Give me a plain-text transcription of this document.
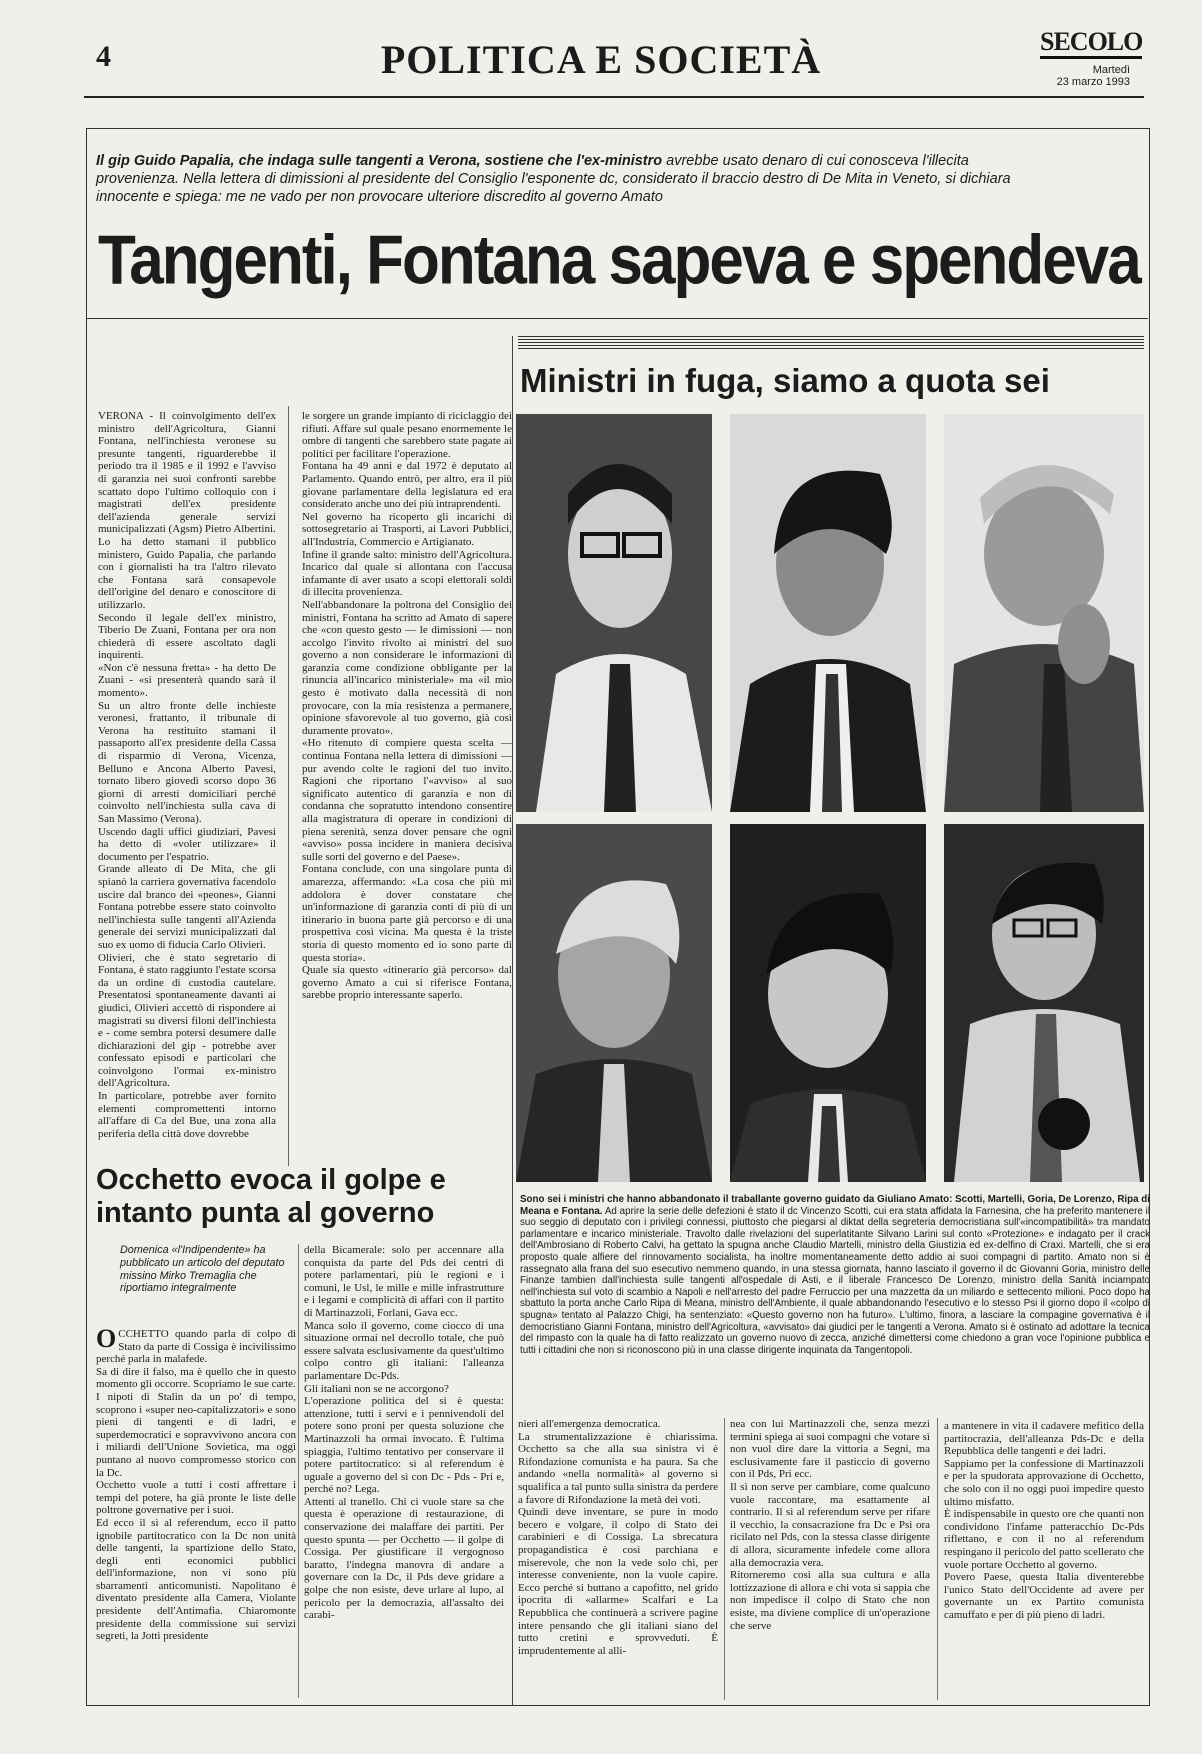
4	POLITICA E SOCIETÀ	SECOLO
Martedì
23 marzo 1993
Il gip Guido Papalia, che indaga sulle tangenti a Verona, sostiene che l'ex-ministro avrebbe usato denaro di cui conosceva l'illecita provenienza. Nella lettera di dimissioni al presidente del Consiglio l'esponente dc, considerato il braccio destro di De Mita in Veneto, si dichiara innocente e spiega: me ne vado per non provocare ulteriore discredito al governo Amato
Tangenti, Fontana sapeva e spendeva
VERONA - Il coinvolgimento dell'ex ministro dell'Agricoltura, Gianni Fontana, nell'inchiesta veronese su presunte tangenti, riguarderebbe il periodo tra il 1985 e il 1992 e l'avviso di garanzia nei suoi confronti sarebbe scattato dopo l'ultimo colloquio con i magistrati dell'ex presidente dell'azienda generale servizi municipalizzati (Agsm) Pietro Albertini.
Lo ha detto stamani il pubblico ministero, Guido Papalia, che parlando con i giornalisti ha tra l'altro rilevato che Fontana sarà consapevole dell'origine del denaro e conoscitore di utilizzarlo.
Secondo il legale dell'ex ministro, Tiberio De Zuani, Fontana per ora non chiederà di essere ascoltato dagli inquirenti.
«Non c'è nessuna fretta» - ha detto De Zuani - «si presenterà quando sarà il momento».
Su un altro fronte delle inchieste veronesi, frattanto, il tribunale di Verona ha restituito stamani il passaporto all'ex presidente della Cassa di risparmio di Verona, Vicenza, Belluno e Ancona Alberto Pavesi, tornato libero giovedì scorso dopo 36 giorni di arresti domiciliari perché coinvolto nell'inchiesta sulla cava di San Massimo (Verona).
Uscendo dagli uffici giudiziari, Pavesi ha detto di «voler utilizzare» il documento per l'espatrio.
Grande alleato di De Mita, che gli spianò la carriera governativa facendolo uscire dal branco dei «peones», Gianni Fontana potrebbe essere stato coinvolto nell'inchiesta sulle tangenti all'Azienda generale dei servizi municipalizzati dal suo ex uomo di fiducia Carlo Olivieri.
Olivieri, che è stato segretario di Fontana, è stato raggiunto l'estate scorsa da un ordine di custodia cautelare. Presentatosi spontaneamente davanti ai giudici, Olivieri accettò di rispondere ai magistrati su diversi filoni dell'inchiesta e - come sembra potersi desumere dalle dichiarazioni del gip - potrebbe aver confessato episodi e particolari che coinvolgono l'ormai ex-ministro dell'Agricoltura.
In particolare, potrebbe aver fornito elementi compromettenti intorno all'affare di Ca del Bue, una zona alla periferia della città dove dovrebbe
le sorgere un grande impianto di riciclaggio dei rifiuti. Affare sul quale pesano enormemente le ombre di tangenti che sarebbero state pagate ai politici per facilitare l'operazione.
Fontana ha 49 anni e dal 1972 è deputato al Parlamento. Quando entrò, per altro, era il più giovane parlamentare della legislatura ed era considerato anche uno dei più intraprendenti.
Nel governo ha ricoperto gli incarichi di sottosegretario ai Trasporti, ai Lavori Pubblici, all'Industria, Commercio e Artigianato.
Infine il grande salto: ministro dell'Agricoltura. Incarico dal quale si allontana con l'accusa infamante di aver usato a scopi elettorali soldi di illecita provenienza.
Nell'abbandonare la poltrona del Consiglio dei ministri, Fontana ha scritto ad Amato di sapere che «con questo gesto — le dimissioni — non accolgo l'invito rivolto ai ministri del suo governo a non considerare le informazioni di garanzia come condizione obbligante per la rinuncia all'incarico ministeriale» ma «il mio gesto è motivato dalla necessità di non provocare, con la mia resistenza a permanere, opinione sfavorevole al tuo governo, già così duramente provato».
«Ho ritenuto di compiere questa scelta — continua Fontana nella lettera di dimissioni — pur avendo colte le ragioni del tuo invito. Ragioni che riportano l'«avviso» al suo significato autentico di garanzia e non di condanna che sopratutto intendono consentire alla magistratura di operare in condizioni di piena serenità, senza dover pensare che ogni «avviso» possa incidere in maniera decisiva sulle sorti del governo e del Paese».
Fontana conclude, con una singolare punta di amarezza, affermando: «La cosa che più mi addolora è dover constatare che un'informazione di garanzia conti di più di un itinerario in buona parte già percorso e di una prospettiva così vicina. Ma questa è la triste storia di questo momento ed io sono parte di questa storia».
Quale sia questo «itinerario già percorso» dal governo Amato a cui si riferisce Fontana, sarebbe proprio interessante saperlo.
Ministri in fuga, siamo a quota sei
Sono sei i ministri che hanno abbandonato il traballante governo guidato da Giuliano Amato: Scotti, Martelli, Goria, De Lorenzo, Ripa di Meana e Fontana. Ad aprire la serie delle defezioni è stato il dc Vincenzo Scotti, cui era stata affidata la Farnesina, che ha preferito mantenere il suo seggio di deputato con i privilegi connessi, piuttosto che piegarsi al diktat della segreteria democristiana sull'«incompatibilità» tra mandato parlamentare e incarico ministeriale. Travolto dalle rivelazioni del superlatitante Silvano Larini sul conto «Protezione» e indagato per il crack dell'Ambrosiano di Roberto Calvi, ha gettato la spugna anche Claudio Martelli, ministro della Giustizia ed ex-delfino di Craxi. Martelli, che si era proposto quale alfiere del rinnovamento socialista, ha inoltre momentaneamente detto addio ai suoi compagni di partito. Amato non si è rassegnato alla frana del suo esecutivo nemmeno quando, in una stessa giornata, hanno lasciato il governo il dc Giovanni Goria, ministro delle Finanze tambien dall'inchiesta sulle tangenti all'ospedale di Asti, e il liberale Francesco De Lorenzo, ministro della Sanità inciampato nell'inchiesta sul voto di scambio a Napoli e nell'arresto del padre Ferruccio per una mazzetta da un miliardo e settecento milioni. Poco dopo ha sbattuto la porta anche Carlo Ripa di Meana, ministro dell'Ambiente, il quale abbandonando l'esecutivo e lo stesso Psi il giorno dopo il «colpo di spugna» tentato al Palazzo Chigi, ha sentenziato: «Questo governo non ha futuro». L'ultimo, finora, a lasciare la compagine governativa è il democristiano Gianni Fontana, ministro dell'Agricoltura, «avvisato» dai giudici per le tangenti a Verona. Amato si è ostinato ad adottare la tecnica del rimpasto con la quale ha di fatto realizzato un governo nuovo di zecca, anziché dimettersi come chiedono a gran voce l'opinione pubblica e tutti i cittadini che non si riconoscono più in una classe dirigente inquinata da Tangentopoli.
Occhetto evoca il golpe e intanto punta al governo
Domenica «l'Indipendente» ha pubblicato un articolo del deputato missino Mirko Tremaglia che riportiamo integralmente
OCCHETTO quando parla di colpo di Stato da parte di Cossiga è incivilissimo perché parla in malafede.
Sa di dire il falso, ma è quello che in questo momento gli occorre. Scopriamo le sue carte.
I nipoti di Stalin da un po' di tempo, scoprono i «super neo-capitalizzatori» e sono pieni di tangenti e di ladri, e superdemocratici e sopravvivono ancora con i miliardi dell'Unione Sovietica, ma oggi puntano al nuovo compromesso storico con la Dc.
Occhetto vuole a tutti i costi affrettare i tempi del potere, ha già pronte le liste delle poltrone governative per i suoi.
Ed ecco il sì al referendum, ecco il patto ignobile partitocratico con la Dc non unità delle tangenti, la spartizione dello Stato, degli enti economici pubblici dell'informazione, non vi sono più sbarramenti anticomunisti. Napolitano è diventato presidente alla Camera, Violante presidente dell'Antimafia. Chiaromonte presidente della commissione sui servizi segreti, la Jotti presidente
della Bicamerale: solo per accennare alla conquista da parte del Pds dei centri di potere parlamentari, più le regioni e i comuni, le Usl, le mille e mille infrastrutture e i legami e complicità di affari con il partito di Martinazzoli, Forlani, Gava ecc.
Manca solo il governo, come ciocco di una situazione ormai nel decrollo totale, che può essere salvata esclusivamente da quest'ultimo colpo contro gli italiani: l'alleanza parlamentare Dc-Pds.
Gli italiani non se ne accorgono?
L'operazione politica del sì è questa: attenzione, tutti i servi e i pennivendoli del potere sono proni per questa soluzione che Martinazzoli ha ormai invocato. È l'ultima spiaggia, l'ultimo tentativo per conservare il potere partitocratico: sì al referendum è uguale a governo del sì con Dc - Pds - Pri e, perché no? Lega.
Attenti al tranello. Chi ci vuole stare sa che questa è operazione di restaurazione, di conservazione dei malaffare dei partiti. Per questo spunta — per Occhetto — il golpe di Cossiga. Per giustificare il vergognoso baratto, l'indegna manovra di andare a governare con la Dc, il Pds deve gridare a golpe che non esiste, deve urlare al lupo, al pericolo per la democrazia, all'assalto dei carabi-
nieri all'emergenza democratica.
La strumentalizzazione è chiarissima. Occhetto sa che alla sua sinistra vi è Rifondazione comunista e ha paura. Sa che andando «nella normalità» al governo si squalifica a tal punto sulla sinistra da perdere a favore di Rifondazione la metà dei voti.
Quindi deve inventare, se pure in modo becero e volgare, il colpo di Stato dei carabinieri e di Cossiga. La sbrecatura propagandistica è così parchiana e miserevole, che non la vede solo chi, per interesse conveniente, non la vuole capire. Ecco perché si buttano a capofitto, nel grido ipocrita di «allarme» Scalfari e La Repubblica che continuerà a scrivere pagine intere pensando che gli italiani siano del tutto cretini e sprovveduti. È imprudentemente al alli-
nea con lui Martinazzoli che, senza mezzi termini spiega ai suoi compagni che votare sì non vuol dire dare la vittoria a Segni, ma esclusivamente fare il pasticcio di governo con il Pds, Pri ecc.
Il sì non serve per cambiare, come qualcuno vuole raccontare, ma esattamente al contrario. Il sì al referendum serve per rifare il vecchio, la consacrazione fra Dc e Psi ora ricilato nel Pds, con la stessa classe dirigente di allora, sicuramente infedele come allora alla democrazia vera.
Ritorneremo così alla sua cultura e alla lottizzazione di allora e chi vota sì sappia che non impedisce il colpo di Stato che non esiste, ma diviene complice di un'operazione che serve
a mantenere in vita il cadavere mefitico della partitocrazia, dell'alleanza Pds-Dc e della Repubblica delle tangenti e dei ladri.
Sappiamo per la confessione di Martinazzoli e per la spudorata approvazione di Occhetto, che solo con il no oggi puoi impedire questo ultimo misfatto.
È indispensabile in questo ore che quanti non condividono l'infame patteracchio Dc-Pds riflettano, e con il no al referendum respingano il pericolo del patto scellerato che vuole portare Occhetto al governo.
Povero Paese, questa Italia diventerebbe l'unico Stato dell'Occidente ad avere per governante un ex Partito comunista camuffato e per di più pieno di ladri.
